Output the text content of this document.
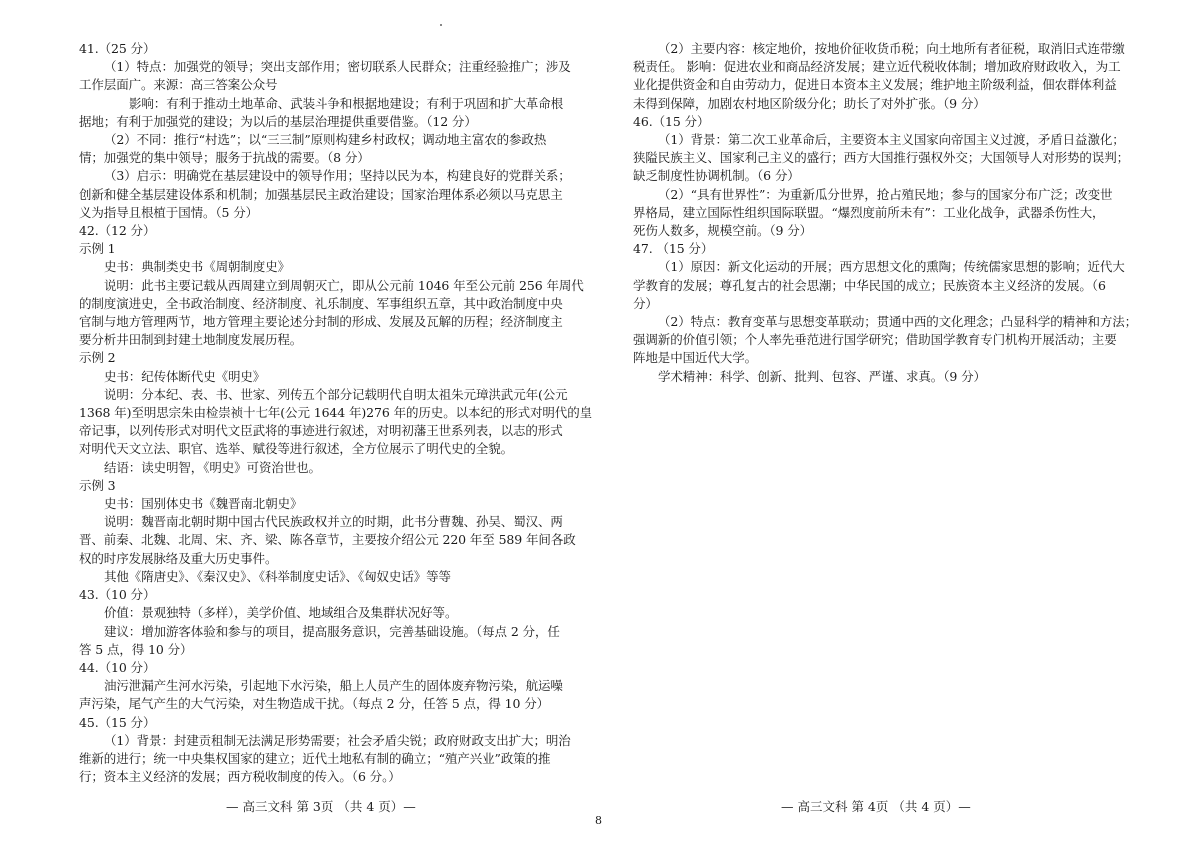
41.（25 分）
（1）特点：加强党的领导；突出支部作用；密切联系人民群众；注重经验推广；涉及
工作层面广。来源：高三答案公众号
影响：有利于推动土地革命、武装斗争和根据地建设；有利于巩固和扩大革命根
据地；有利于加强党的建设；为以后的基层治理提供重要借鉴。（12 分）
（2）不同：推行“村选”；以“三三制”原则构建乡村政权；调动地主富农的参政热
情；加强党的集中领导；服务于抗战的需要。（8 分）
（3）启示：明确党在基层建设中的领导作用；坚持以民为本，构建良好的党群关系；
创新和健全基层建设体系和机制；加强基层民主政治建设；国家治理体系必须以马克思主
义为指导且根植于国情。（5 分）
42.（12 分）
示例 1
史书：典制类史书《周朝制度史》
说明：此书主要记载从西周建立到周朝灭亡，即从公元前 1046 年至公元前 256 年周代
的制度演进史，全书政治制度、经济制度、礼乐制度、军事组织五章，其中政治制度中央
官制与地方管理两节，地方管理主要论述分封制的形成、发展及瓦解的历程；经济制度主
要分析井田制到封建土地制度发展历程。
示例 2
史书：纪传体断代史《明史》
说明：分本纪、表、书、世家、列传五个部分记载明代自明太祖朱元璋洪武元年(公元
1368 年)至明思宗朱由检崇祯十七年(公元 1644 年)276 年的历史。以本纪的形式对明代的皇
帝记事，以列传形式对明代文臣武将的事迹进行叙述，对明初藩王世系列表，以志的形式
对明代天文立法、职官、选举、赋役等进行叙述，全方位展示了明代史的全貌。
结语：读史明智，《明史》可资治世也。
示例 3
史书：国别体史书《魏晋南北朝史》
说明：魏晋南北朝时期中国古代民族政权并立的时期，此书分曹魏、孙吴、蜀汉、两
晋、前秦、北魏、北周、宋、齐、梁、陈各章节，主要按介绍公元 220 年至 589 年间各政
权的时序发展脉络及重大历史事件。
其他《隋唐史》、《秦汉史》、《科举制度史话》、《匈奴史话》等等
43.（10 分）
价值：景观独特（多样），美学价值、地域组合及集群状况好等。
建议：增加游客体验和参与的项目，提高服务意识，完善基础设施。（每点 2 分，任
答 5 点，得 10 分）
44.（10 分）
油污泄漏产生河水污染，引起地下水污染，船上人员产生的固体废弃物污染，航运噪
声污染，尾气产生的大气污染，对生物造成干扰。（每点 2 分，任答 5 点，得 10 分）
45.（15 分）
（1）背景：封建贡租制无法满足形势需要；社会矛盾尖锐；政府财政支出扩大；明治
维新的进行；统一中央集权国家的建立；近代土地私有制的确立；“殖产兴业”政策的推
行；资本主义经济的发展；西方税收制度的传入。（6 分。）
（2）主要内容：核定地价，按地价征收货币税；向土地所有者征税，取消旧式连带缴
税责任。 影响：促进农业和商品经济发展；建立近代税收体制；增加政府财政收入，为工
业化提供资金和自由劳动力，促进日本资本主义发展；维护地主阶级利益，佃农群体利益
未得到保障，加剧农村地区阶级分化；助长了对外扩张。（9 分）
46.（15 分）
（1）背景：第二次工业革命后，主要资本主义国家向帝国主义过渡，矛盾日益激化；
狭隘民族主义、国家利己主义的盛行；西方大国推行强权外交；大国领导人对形势的误判；
缺乏制度性协调机制。（6 分）
（2）“具有世界性”：为重新瓜分世界，抢占殖民地；参与的国家分布广泛；改变世
界格局，建立国际性组织国际联盟。“爆烈度前所未有”：工业化战争，武器杀伤性大，
死伤人数多，规模空前。（9 分）
47. （15 分）
（1）原因：新文化运动的开展；西方思想文化的熏陶；传统儒家思想的影响；近代大
学教育的发展；尊孔复古的社会思潮；中华民国的成立；民族资本主义经济的发展。（6
分）
（2）特点：教育变革与思想变革联动；贯通中西的文化理念；凸显科学的精神和方法；
强调新的价值引领；个人率先垂范进行国学研究；借助国学教育专门机构开展活动；主要
阵地是中国近代大学。
学术精神：科学、创新、批判、包容、严谨、求真。（9 分）
— 高三文科 第 3页 （共 4 页）—	— 高三文科 第 4页 （共 4 页）—
8
